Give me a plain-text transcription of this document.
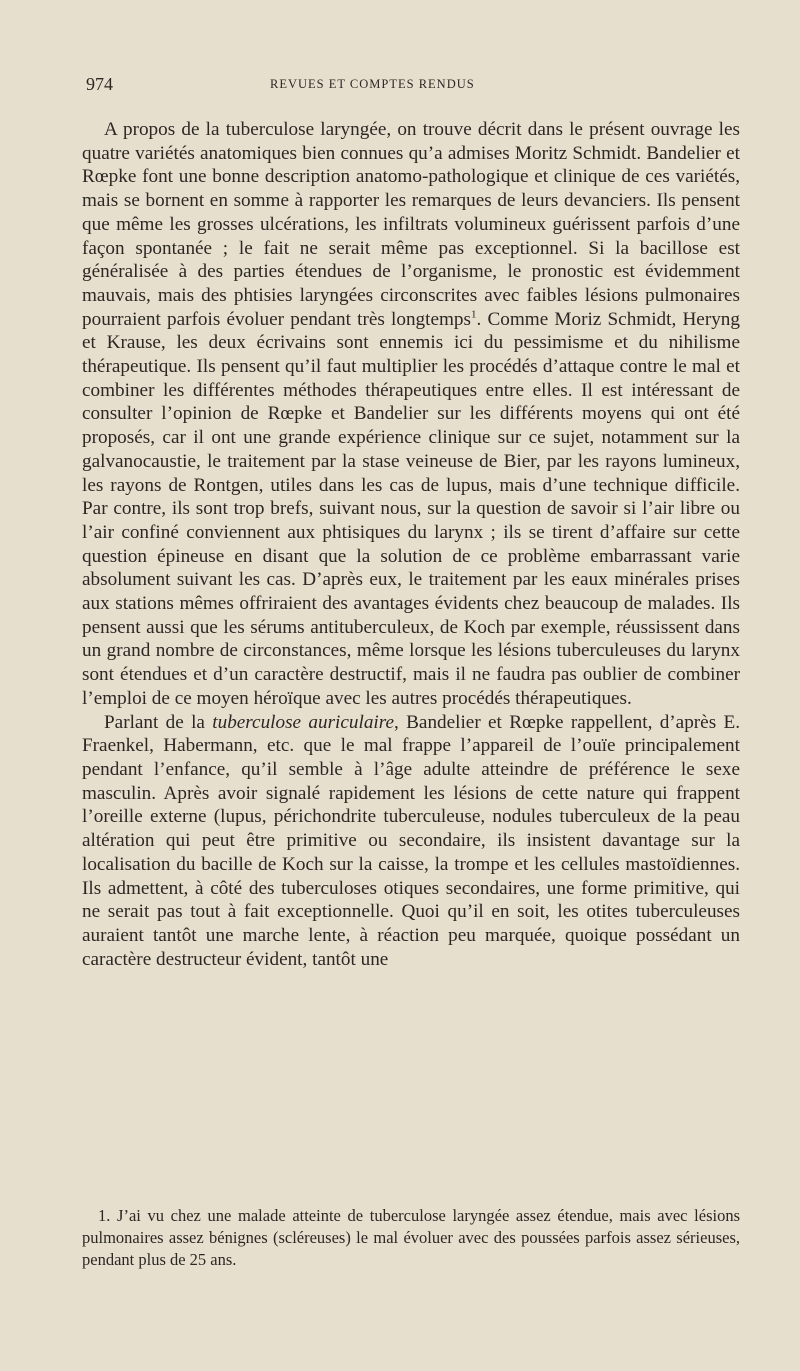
974	REVUES ET COMPTES RENDUS

A propos de la tuberculose laryngée, on trouve décrit dans le présent ouvrage les quatre variétés anatomiques bien connues qu’a admises Moritz Schmidt. Bandelier et Rœpke font une bonne description anatomo-pathologique et clinique de ces variétés, mais se bornent en somme à rapporter les remarques de leurs devanciers. Ils pensent que même les grosses ulcérations, les infiltrats volumineux guérissent parfois d’une façon spontanée ; le fait ne serait même pas exceptionnel. Si la bacillose est généralisée à des parties étendues de l’organisme, le pronostic est évidemment mauvais, mais des phtisies laryngées circonscrites avec faibles lésions pulmonaires pourraient parfois évoluer pendant très longtemps$^1$. Comme Moriz Schmidt, Heryng et Krause, les deux écrivains sont ennemis ici du pessimisme et du nihilisme thérapeutique. Ils pensent qu’il faut multiplier les procédés d’attaque contre le mal et combiner les différentes méthodes thérapeutiques entre elles. Il est intéressant de consulter l’opinion de Rœpke et Bandelier sur les différents moyens qui ont été proposés, car il ont une grande expérience clinique sur ce sujet, notamment sur la galvanocaustie, le traitement par la stase veineuse de Bier, par les rayons lumineux, les rayons de Rontgen, utiles dans les cas de lupus, mais d’une technique difficile. Par contre, ils sont trop brefs, suivant nous, sur la question de savoir si l’air libre ou l’air confiné conviennent aux phtisiques du larynx ; ils se tirent d’affaire sur cette question épineuse en disant que la solution de ce problème embarrassant varie absolument suivant les cas. D’après eux, le traitement par les eaux minérales prises aux stations mêmes offriraient des avantages évidents chez beaucoup de malades. Ils pensent aussi que les sérums antituberculeux, de Koch par exemple, réussissent dans un grand nombre de circonstances, même lorsque les lésions tuberculeuses du larynx sont étendues et d’un caractère destructif, mais il ne faudra pas oublier de combiner l’emploi de ce moyen héroïque avec les autres procédés thérapeutiques.

Parlant de la tuberculose auriculaire, Bandelier et Rœpke rappellent, d’après E. Fraenkel, Habermann, etc. que le mal frappe l’appareil de l’ouïe principalement pendant l’enfance, qu’il semble à l’âge adulte atteindre de préférence le sexe masculin. Après avoir signalé rapidement les lésions de cette nature qui frappent l’oreille externe (lupus, périchondrite tuberculeuse, nodules tuberculeux de la peau altération qui peut être primitive ou secondaire, ils insistent davantage sur la localisation du bacille de Koch sur la caisse, la trompe et les cellules mastoïdiennes. Ils admettent, à côté des tuberculoses otiques secondaires, une forme primitive, qui ne serait pas tout à fait exceptionnelle. Quoi qu’il en soit, les otites tuberculeuses auraient tantôt une marche lente, à réaction peu marquée, quoique possédant un caractère destructeur évident, tantôt une

1. J’ai vu chez une malade atteinte de tuberculose laryngée assez étendue, mais avec lésions pulmonaires assez bénignes (scléreuses) le mal évoluer avec des poussées parfois assez sérieuses, pendant plus de 25 ans.
